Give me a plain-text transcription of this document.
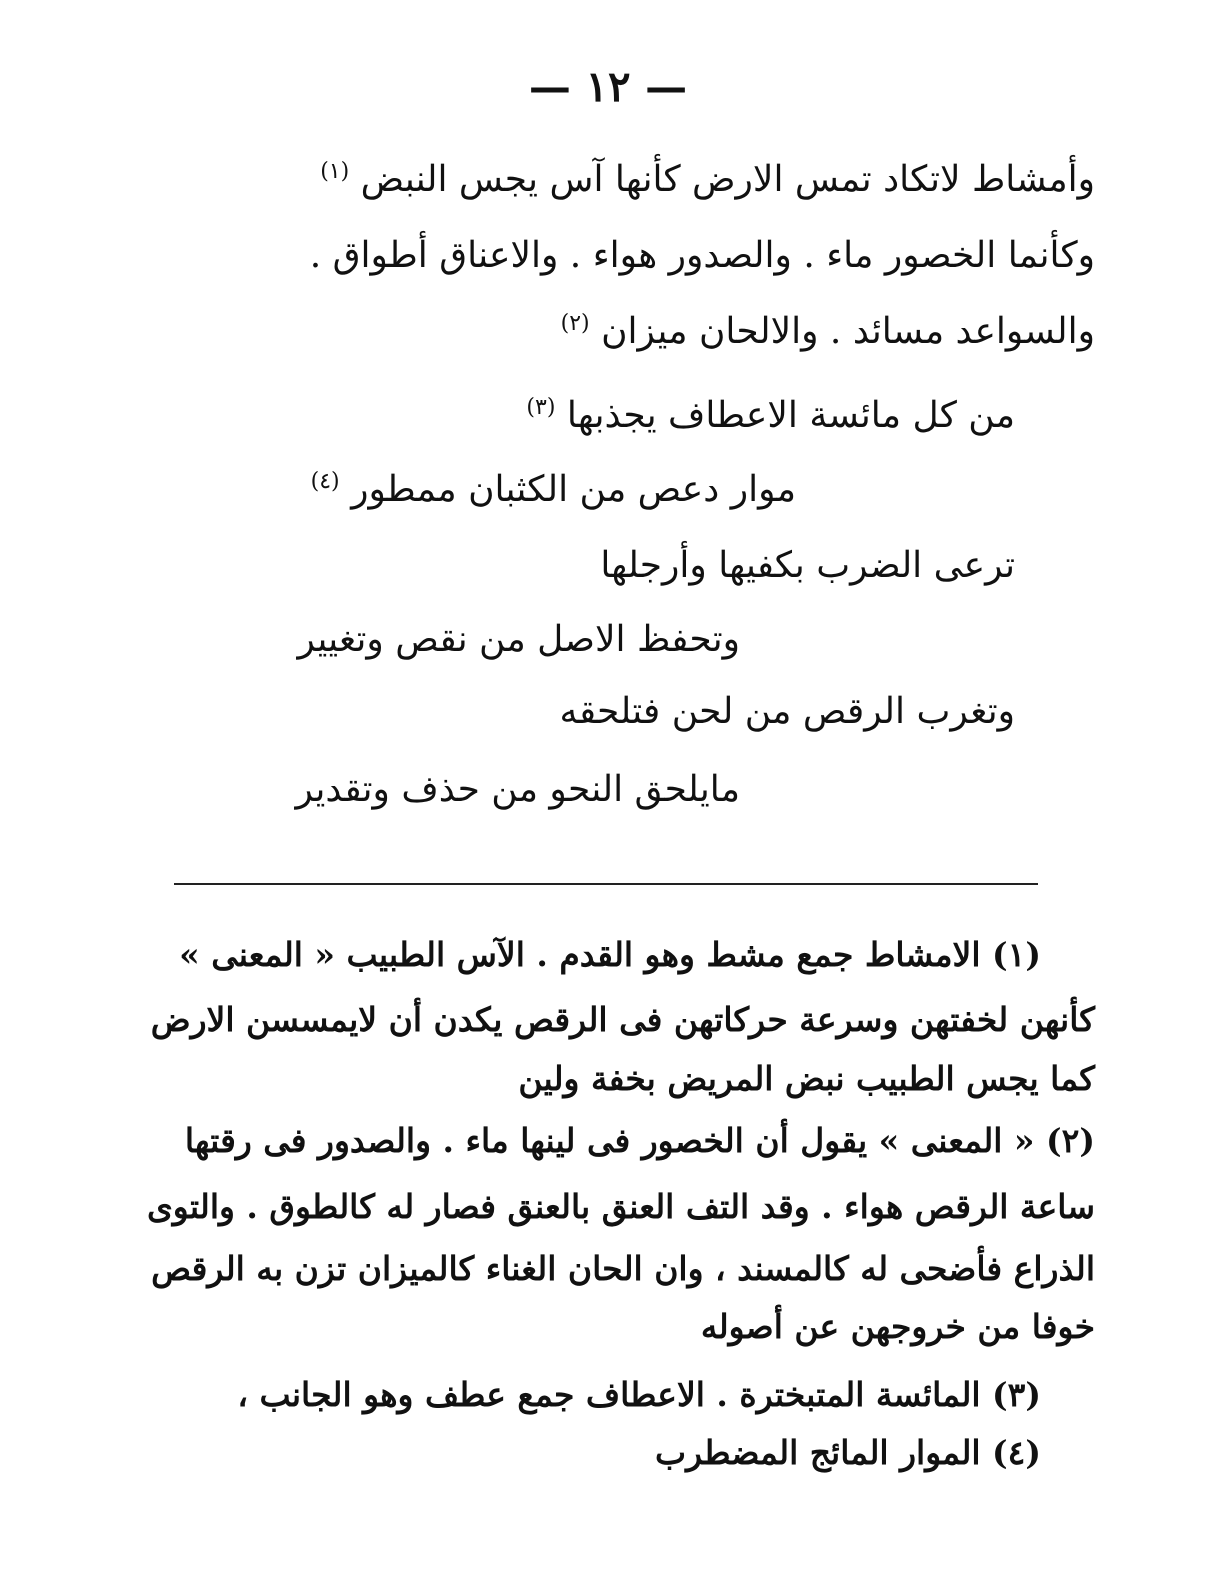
— ١٢ —
وأمشاط لاتكاد تمس الارض كأنها آس يجس النبض $^{(١)}$
وكأنما الخصور ماء . والصدور هواء . والاعناق أطواق .
والسواعد مسائد . والالحان ميزان $^{(٢)}$
من كل مائسة الاعطاف يجذبها $^{(٣)}$
موار دعص من الكثبان ممطور $^{(٤)}$
ترعى الضرب بكفيها وأرجلها
وتحفظ الاصل من نقص وتغيير
وتغرب الرقص من لحن فتلحقه
مايلحق النحو من حذف وتقدير
(١) الامشاط جمع مشط وهو القدم . الآس الطبيب « المعنى »
كأنهن لخفتهن وسرعة حركاتهن فى الرقص يكدن أن لايمسسن الارض
كما يجس الطبيب نبض المريض بخفة ولين
(٢) « المعنى » يقول أن الخصور فى لينها ماء . والصدور فى رقتها
ساعة الرقص هواء . وقد التف العنق بالعنق فصار له كالطوق . والتوى
الذراع فأضحى له كالمسند ، وان الحان الغناء كالميزان تزن به الرقص
خوفا من خروجهن عن أصوله
(٣) المائسة المتبخترة . الاعطاف جمع عطف وهو الجانب ،
(٤) الموار المائج المضطرب
